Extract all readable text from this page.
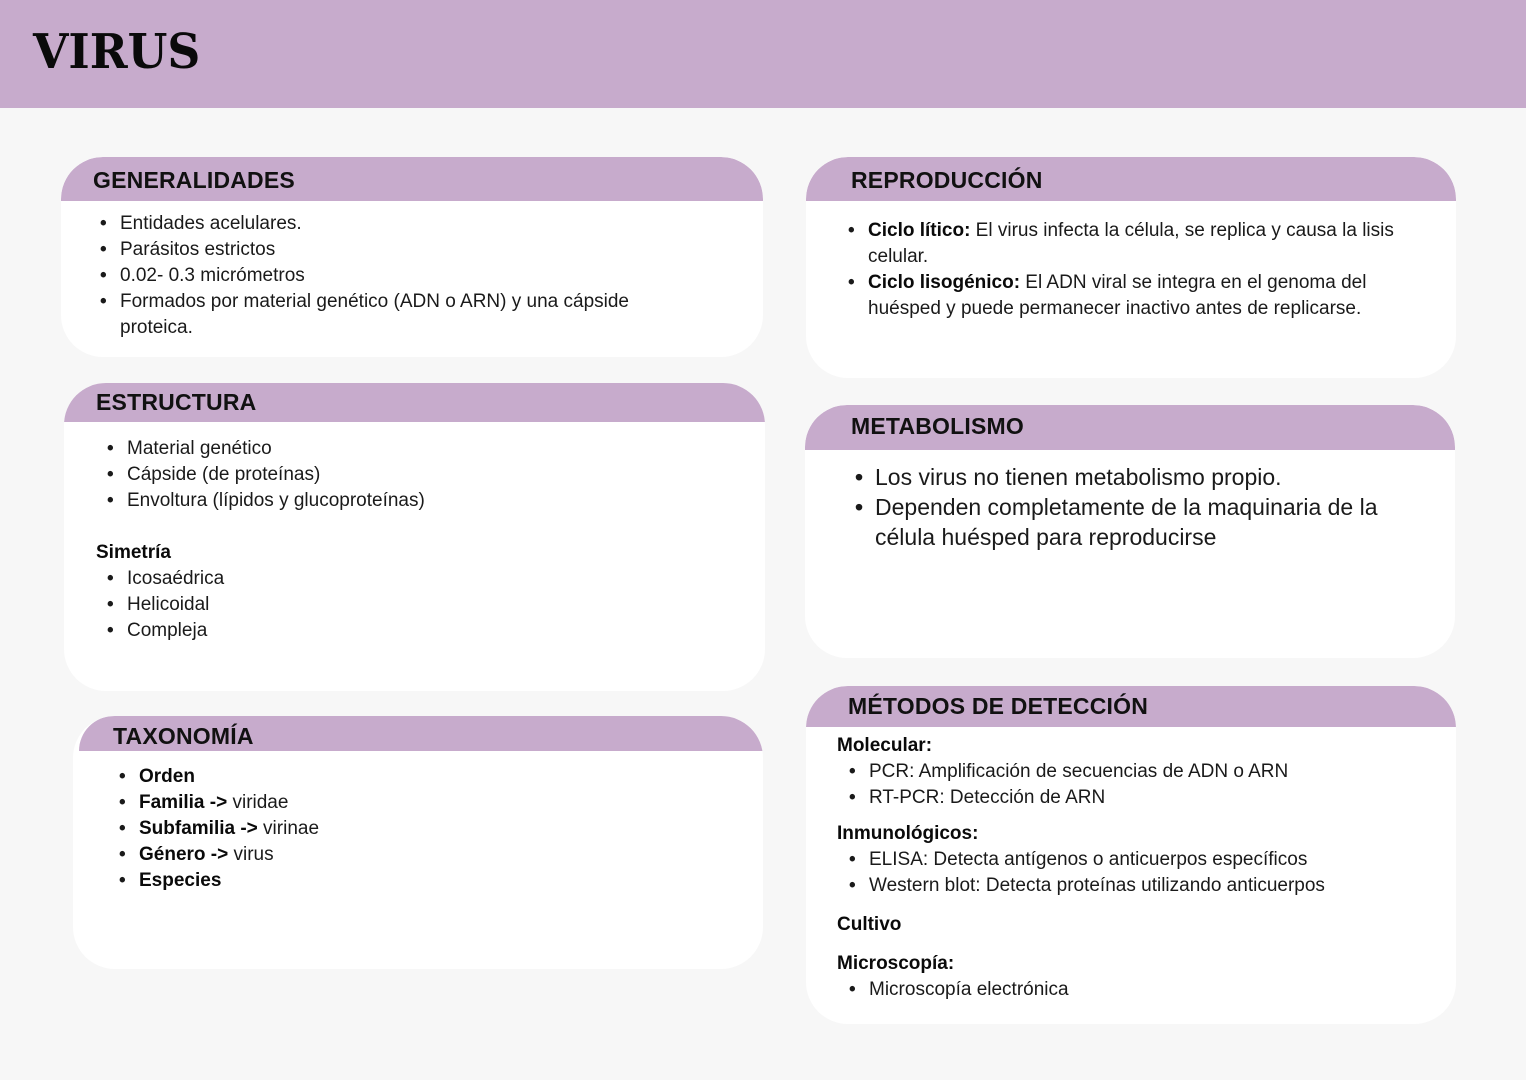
VIRUS
GENERALIDADES
• Entidades acelulares.
• Parásitos estrictos
• 0.02- 0.3 micrómetros
• Formados por material genético (ADN o ARN) y una cápside proteica.
ESTRUCTURA
• Material genético
• Cápside (de proteínas)
• Envoltura (lípidos y glucoproteínas)
Simetría
• Icosaédrica
• Helicoidal
• Compleja
TAXONOMÍA
• Orden
• Familia -> viridae
• Subfamilia -> virinae
• Género -> virus
• Especies
REPRODUCCIÓN
• Ciclo lítico: El virus infecta la célula, se replica y causa la lisis celular.
• Ciclo lisogénico: El ADN viral se integra en el genoma del huésped y puede permanecer inactivo antes de replicarse.
METABOLISMO
• Los virus no tienen metabolismo propio.
• Dependen completamente de la maquinaria de la célula huésped para reproducirse
MÉTODOS DE DETECCIÓN
Molecular:
• PCR: Amplificación de secuencias de ADN o ARN
• RT-PCR: Detección de ARN
Inmunológicos:
• ELISA: Detecta antígenos o anticuerpos específicos
• Western blot: Detecta proteínas utilizando anticuerpos
Cultivo
Microscopía:
• Microscopía electrónica
